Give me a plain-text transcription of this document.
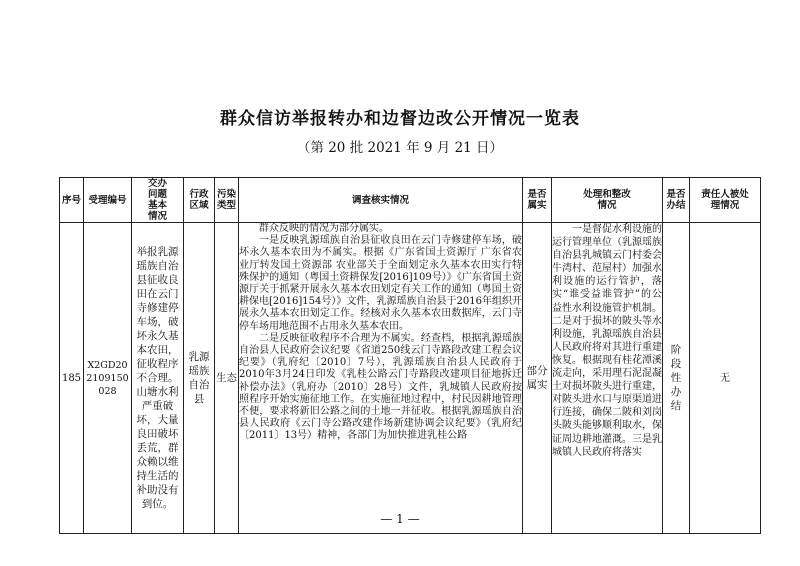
群众信访举报转办和边督边改公开情况一览表
（第 20 批 2021 年 9 月 21 日）
序号	受理编号	交办问题基本情况	行政区域	污染类型	调查核实情况	是否属实	处理和整改情况	是否办结	责任人被处理情况

185	X2GD202109150028	举报乳源瑶族自治县征收良田在云门寺修建停车场，破坏永久基本农田，征收程序不合理。山塘水利严重破坏，大量良田破坏丢荒，群众赖以维持生活的补助没有到位。	乳源瑶族自治县	生态	群众反映的情况为部分属实。

一是反映乳源瑶族自治县征收良田在云门寺修建停车场，破坏永久基本农田为不属实。根据《广东省国土资源厅 广东省农业厅转发国土资源部 农业部关于全面划定永久基本农田实行特殊保护的通知（粤国土资耕保发[2016]109号）》《广东省国土资源厅关于抓紧开展永久基本农田划定有关工作的通知（粤国土资耕保电[2016]154号）》文件，乳源瑶族自治县于2016年组织开展永久基本农田划定工作。经核对永久基本农田数据库，云门寺停车场用地范围不占用永久基本农田。

二是反映征收程序不合理为不属实。经查档，根据乳源瑶族自治县人民政府会议纪要《省道250线云门寺路段改建工程会议纪要》（乳府纪〔2010〕7号），乳源瑶族自治县人民政府于2010年3月24日印发《乳桂公路云门寺路段改建项目征地拆迁补偿办法》（乳府办〔2010〕28号）文件，乳城镇人民政府按照程序开始实施征地工作。在实施征地过程中，村民因耕地管理不便，要求将新旧公路之间的土地一并征收。根据乳源瑶族自治县人民政府《云门寺公路改建作场新建协调会议纪要》（乳府纪〔2011〕13号）精神，各部门为加快推进乳桂公路	部分属实	一是督促水利设施的运行管理单位（乳源瑶族自治县乳城镇云门村委会牛湾村、范屋村）加强水利设施的运行管护，落实“谁受益谁管护”的公益性水利设施管护机制。二是对于损坏的陂头等水利设施，乳源瑶族自治县人民政府将对其进行重建恢复。根据现有桂花潭溪流走向，采用理石泥混凝土对损坏陂头进行重建，对陂头进水口与原渠道进行连接，确保二陂和刘岗头陂头能够顺利取水，保证周边耕地灌溉。三是乳城镇人民政府将落实	阶段性办结	无
— 1 —
